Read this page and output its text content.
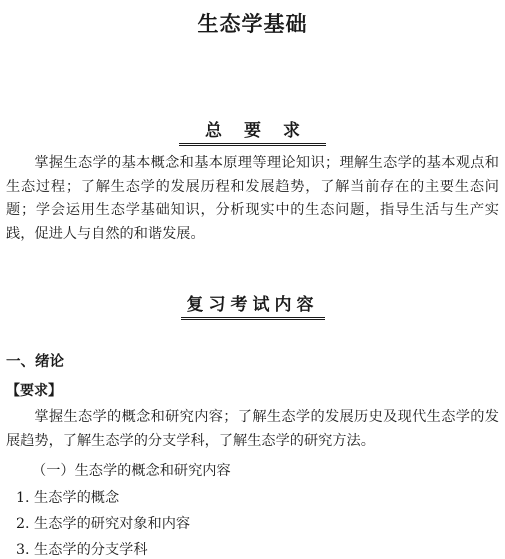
生态学基础
总要求

掌握生态学的基本概念和基本原理等理论知识；理解生态学的基本观点和生态过程；了解生态学的发展历程和发展趋势，了解当前存在的主要生态问题；学会运用生态学基础知识，分析现实中的生态问题，指导生活与生产实践，促进人与自然的和谐发展。

复习考试内容
一、绪论
【要求】

掌握生态学的概念和研究内容；了解生态学的发展历史及现代生态学的发展趋势，了解生态学的分支学科，了解生态学的研究方法。

（一）生态学的概念和研究内容
1. 生态学的概念
2. 生态学的研究对象和内容
3. 生态学的分支学科
